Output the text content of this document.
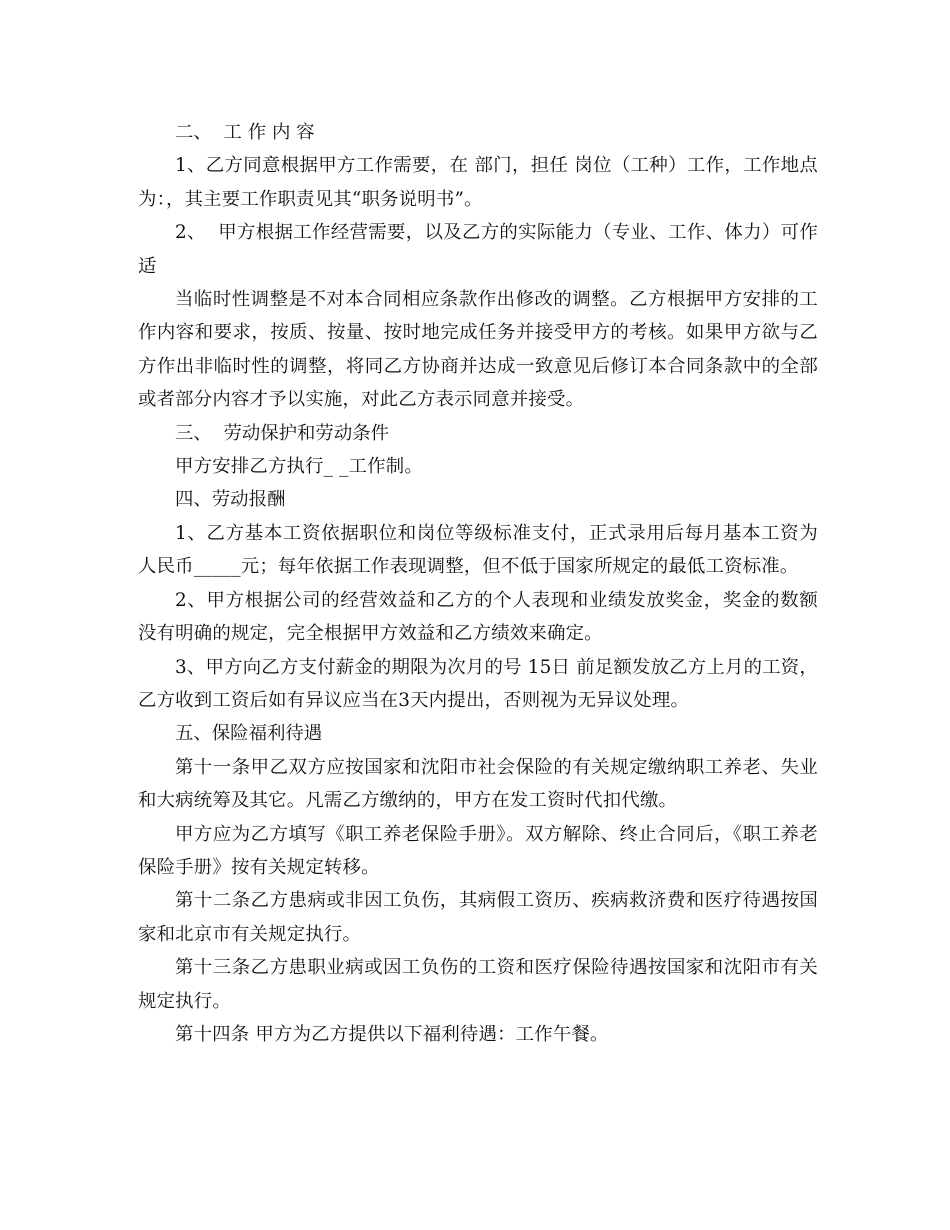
二、  工 作 内 容

1、乙方同意根据甲方工作需要，在 部门，担任 岗位（工种）工作，工作地点为：，其主要工作职责见其“职务说明书”。

2、  甲方根据工作经营需要，以及乙方的实际能力（专业、工作、体力）可作适

当临时性调整是不对本合同相应条款作出修改的调整。乙方根据甲方安排的工作内容和要求，按质、按量、按时地完成任务并接受甲方的考核。如果甲方欲与乙方作出非临时性的调整，将同乙方协商并达成一致意见后修订本合同条款中的全部或者部分内容才予以实施，对此乙方表示同意并接受。

三、  劳动保护和劳动条件

甲方安排乙方执行_ _工作制。

四、劳动报酬

1、乙方基本工资依据职位和岗位等级标准支付，正式录用后每月基本工资为人民币_____元；每年依据工作表现调整，但不低于国家所规定的最低工资标准。

2、甲方根据公司的经营效益和乙方的个人表现和业绩发放奖金，奖金的数额没有明确的规定，完全根据甲方效益和乙方绩效来确定。

3、甲方向乙方支付薪金的期限为次月的号 15日 前足额发放乙方上月的工资，乙方收到工资后如有异议应当在3天内提出，否则视为无异议处理。

五、保险福利待遇

第十一条甲乙双方应按国家和沈阳市社会保险的有关规定缴纳职工养老、失业和大病统筹及其它。凡需乙方缴纳的，甲方在发工资时代扣代缴。

甲方应为乙方填写《职工养老保险手册》。双方解除、终止合同后，《职工养老保险手册》按有关规定转移。

第十二条乙方患病或非因工负伤，其病假工资历、疾病救济费和医疗待遇按国家和北京市有关规定执行。

第十三条乙方患职业病或因工负伤的工资和医疗保险待遇按国家和沈阳市有关规定执行。

第十四条 甲方为乙方提供以下福利待遇：工作午餐。
